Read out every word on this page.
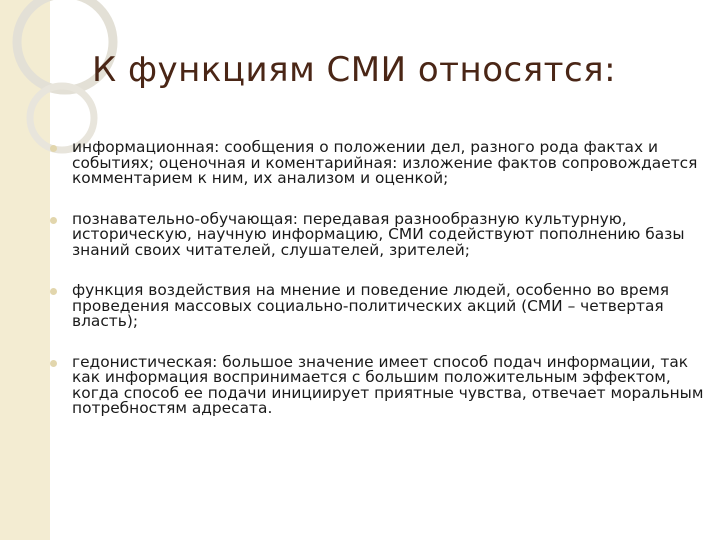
К функциям СМИ относятся:
информационная: сообщения о положении дел, разного рода фактах и событиях; оценочная и коментарийная: изложение фактов сопровождается комментарием к ним, их анализом и оценкой;
познавательно-обучающая: передавая разнообразную культурную, историческую, научную информацию, СМИ содействуют пополнению базы знаний своих читателей, слушателей, зрителей;
функция воздействия на мнение и поведение людей, особенно во время проведения массовых социально-политических акций (СМИ – четвертая власть);
гедонистическая: большое значение имеет способ подач информации, так как информация воспринимается с большим положительным эффектом, когда способ ее подачи инициирует приятные чувства, отвечает моральным потребностям адресата.
